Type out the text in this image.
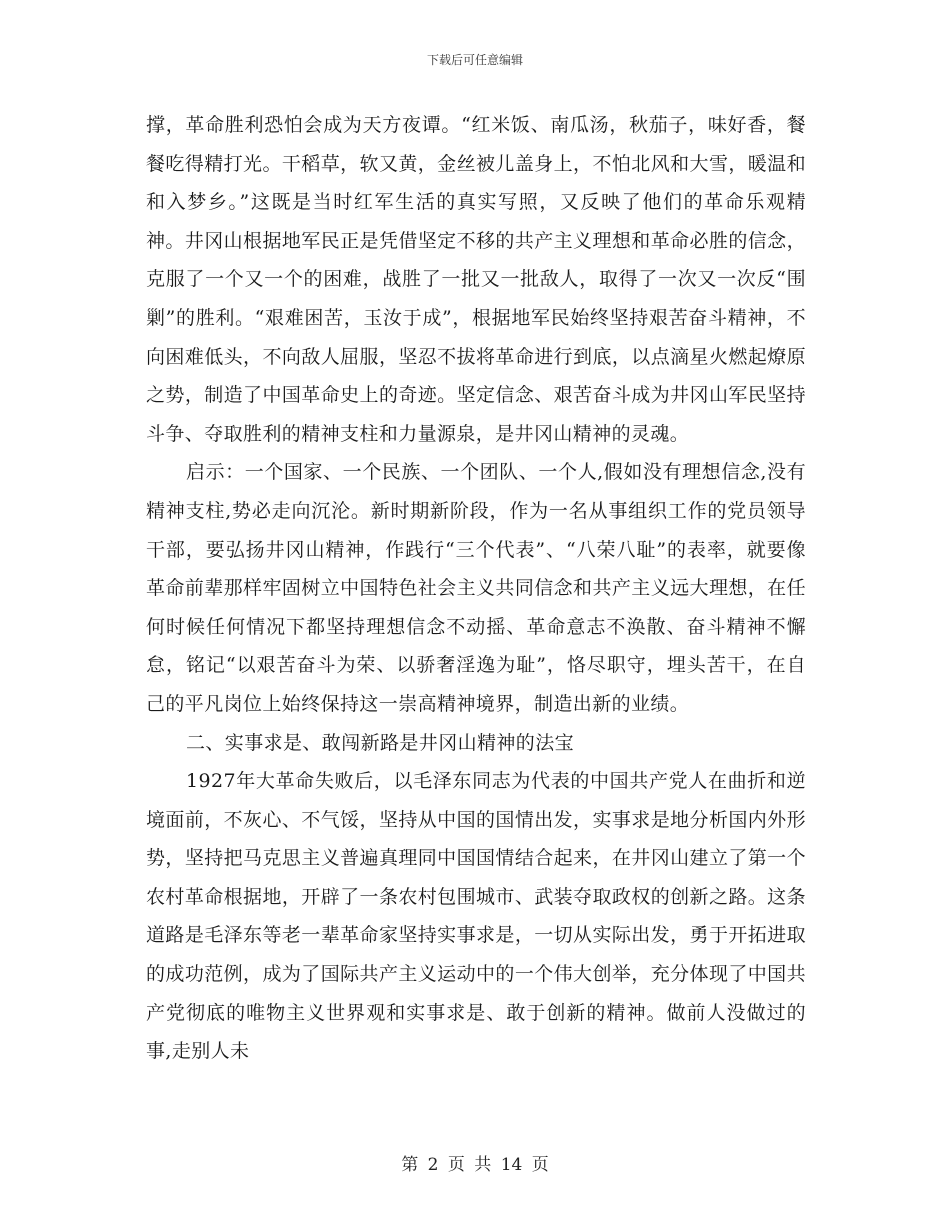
下载后可任意编辑

撑，革命胜利恐怕会成为天方夜谭。“红米饭、南瓜汤，秋茄子，味好香，餐餐吃得精打光。干稻草，软又黄，金丝被儿盖身上，不怕北风和大雪，暖温和和入梦乡。”这既是当时红军生活的真实写照，又反映了他们的革命乐观精神。井冈山根据地军民正是凭借坚定不移的共产主义理想和革命必胜的信念，克服了一个又一个的困难，战胜了一批又一批敌人，取得了一次又一次反“围剿”的胜利。“艰难困苦，玉汝于成”，根据地军民始终坚持艰苦奋斗精神，不向困难低头，不向敌人屈服，坚忍不拔将革命进行到底，以点滴星火燃起燎原之势，制造了中国革命史上的奇迹。坚定信念、艰苦奋斗成为井冈山军民坚持斗争、夺取胜利的精神支柱和力量源泉，是井冈山精神的灵魂。

启示：一个国家、一个民族、一个团队、一个人,假如没有理想信念,没有精神支柱,势必走向沉沦。新时期新阶段，作为一名从事组织工作的党员领导干部，要弘扬井冈山精神，作践行“三个代表”、“八荣八耻”的表率，就要像革命前辈那样牢固树立中国特色社会主义共同信念和共产主义远大理想，在任何时候任何情况下都坚持理想信念不动摇、革命意志不涣散、奋斗精神不懈怠，铭记“以艰苦奋斗为荣、以骄奢淫逸为耻”，恪尽职守，埋头苦干，在自己的平凡岗位上始终保持这一崇高精神境界，制造出新的业绩。

二、实事求是、敢闯新路是井冈山精神的法宝

1927年大革命失败后，以毛泽东同志为代表的中国共产党人在曲折和逆境面前，不灰心、不气馁，坚持从中国的国情出发，实事求是地分析国内外形势，坚持把马克思主义普遍真理同中国国情结合起来，在井冈山建立了第一个农村革命根据地，开辟了一条农村包围城市、武装夺取政权的创新之路。这条道路是毛泽东等老一辈革命家坚持实事求是，一切从实际出发，勇于开拓进取的成功范例，成为了国际共产主义运动中的一个伟大创举，充分体现了中国共产党彻底的唯物主义世界观和实事求是、敢于创新的精神。做前人没做过的事,走别人未

第 2 页 共 14 页
